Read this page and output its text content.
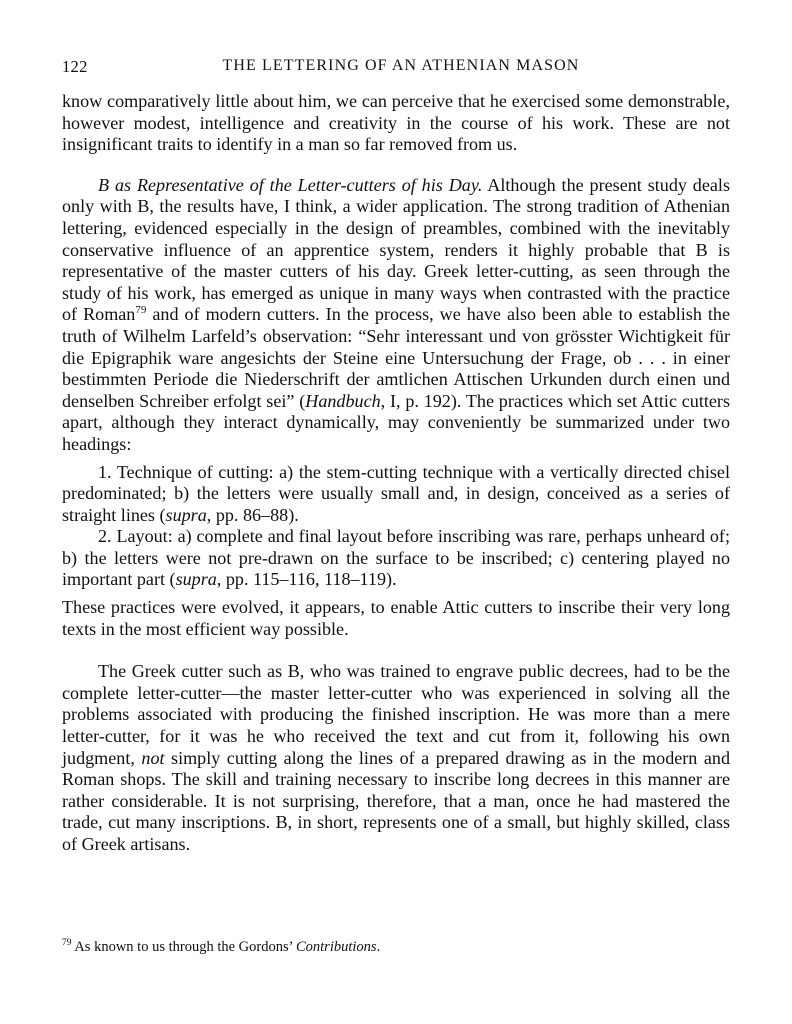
122	THE LETTERING OF AN ATHENIAN MASON

know comparatively little about him, we can perceive that he exercised some demonstrable, however modest, intelligence and creativity in the course of his work. These are not insignificant traits to identify in a man so far removed from us.

B as Representative of the Letter-cutters of his Day. Although the present study deals only with B, the results have, I think, a wider application. The strong tradition of Athenian lettering, evidenced especially in the design of preambles, combined with the inevitably conservative influence of an apprentice system, renders it highly probable that B is representative of the master cutters of his day. Greek letter-cutting, as seen through the study of his work, has emerged as unique in many ways when contrasted with the practice of Roman$^{79}$ and of modern cutters. In the process, we have also been able to establish the truth of Wilhelm Larfeld’s observation: “Sehr interessant und von grösster Wichtigkeit für die Epigraphik ware angesichts der Steine eine Untersuchung der Frage, ob . . . in einer bestimmten Periode die Niederschrift der amtlichen Attischen Urkunden durch einen und denselben Schreiber erfolgt sei” (Handbuch, I, p. 192). The practices which set Attic cutters apart, although they interact dynamically, may conveniently be summarized under two headings:

1. Technique of cutting: a) the stem-cutting technique with a vertically directed chisel predominated; b) the letters were usually small and, in design, conceived as a series of straight lines (supra, pp. 86–88).

2. Layout: a) complete and final layout before inscribing was rare, perhaps unheard of; b) the letters were not pre-drawn on the surface to be inscribed; c) centering played no important part (supra, pp. 115–116, 118–119).

These practices were evolved, it appears, to enable Attic cutters to inscribe their very long texts in the most efficient way possible.

The Greek cutter such as B, who was trained to engrave public decrees, had to be the complete letter-cutter—the master letter-cutter who was experienced in solving all the problems associated with producing the finished inscription. He was more than a mere letter-cutter, for it was he who received the text and cut from it, following his own judgment, not simply cutting along the lines of a prepared drawing as in the modern and Roman shops. The skill and training necessary to inscribe long decrees in this manner are rather considerable. It is not surprising, therefore, that a man, once he had mastered the trade, cut many inscriptions. B, in short, represents one of a small, but highly skilled, class of Greek artisans.

$^{79}$ As known to us through the Gordons’ Contributions.
